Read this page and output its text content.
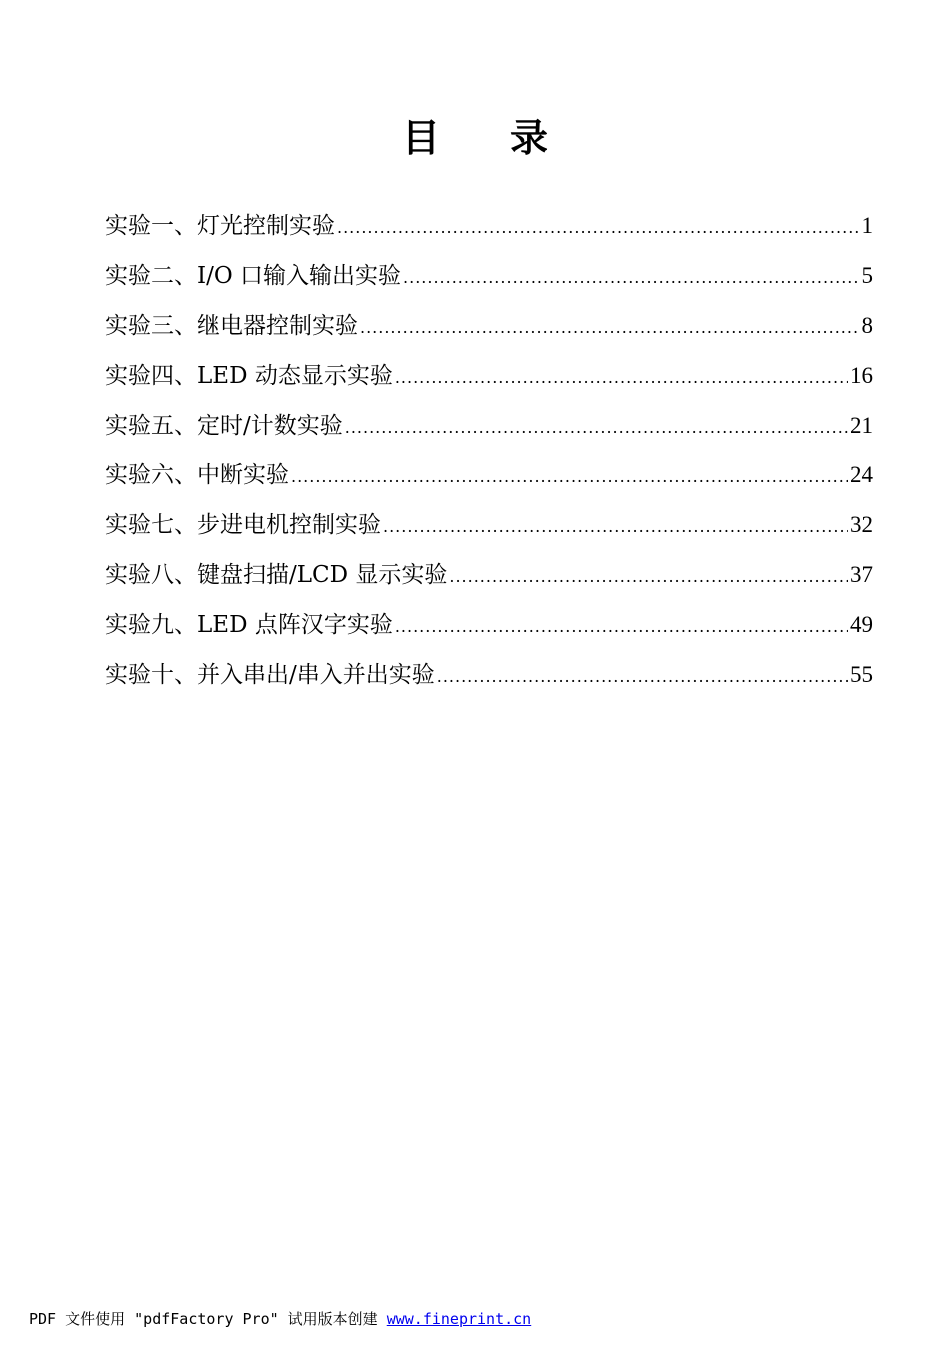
目 录
实验一、灯光控制实验 .....	1
实验二、I/O 口输入输出实验 .....	5
实验三、继电器控制实验 .....	8
实验四、LED 动态显示实验 .....	16
实验五、定时/计数实验 .....	21
实验六、中断实验 .....	24
实验七、步进电机控制实验 .....	32
实验八、键盘扫描/LCD 显示实验 .....	37
实验九、LED 点阵汉字实验 .....	49
实验十、并入串出/串入并出实验 .....	55
PDF 文件使用 "pdfFactory Pro" 试用版本创建 www.fineprint.cn
